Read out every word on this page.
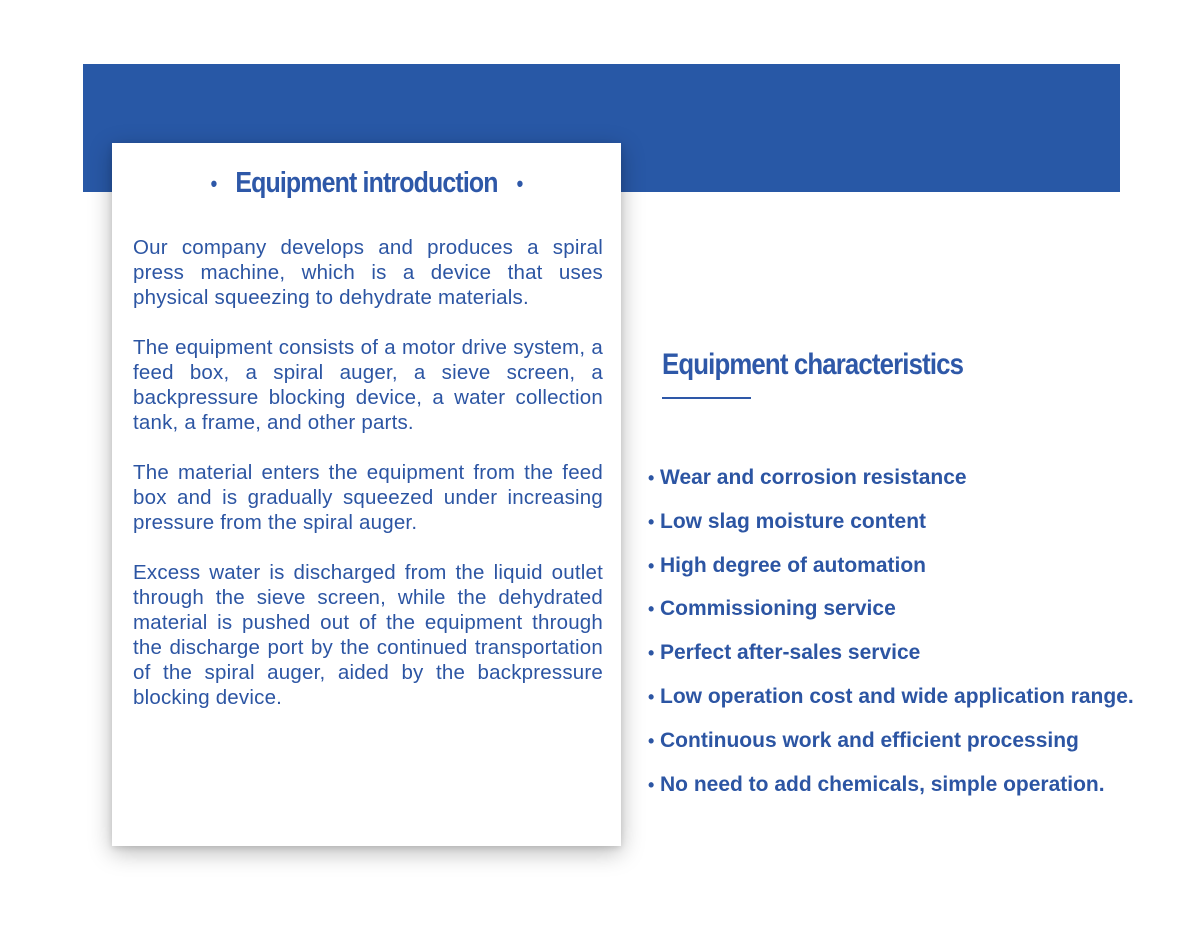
• Equipment introduction •

Our company develops and produces a spiral press machine, which is a device that uses physical squeezing to dehydrate materials.

The equipment consists of a motor drive system, a feed box, a spiral auger, a sieve screen, a backpressure blocking device, a water collection tank, a frame, and other parts.

The material enters the equipment from the feed box and is gradually squeezed under increasing pressure from the spiral auger.

Excess water is discharged from the liquid outlet through the sieve screen, while the dehydrated material is pushed out of the equipment through the discharge port by the continued transportation of the spiral auger, aided by the backpressure blocking device.

Equipment characteristics
• Wear and corrosion resistance
• Low slag moisture content
• High degree of automation
• Commissioning service
• Perfect after-sales service
• Low operation cost and wide application range.
• Continuous work and efficient processing
• No need to add chemicals, simple operation.
